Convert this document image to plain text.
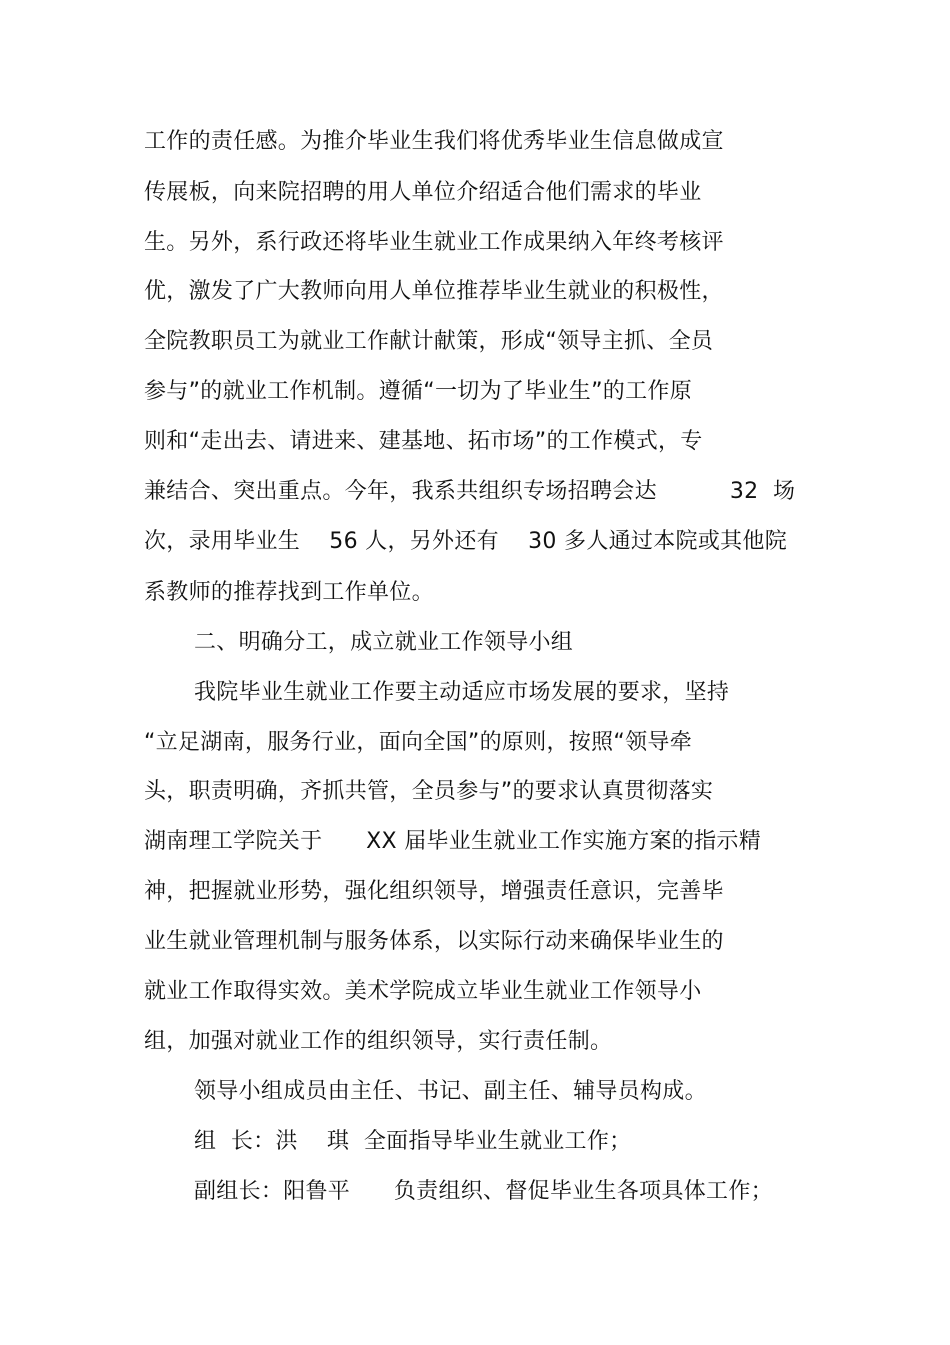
工作的责任感。为推介毕业生我们将优秀毕业生信息做成宣
传展板，向来院招聘的用人单位介绍适合他们需求的毕业
生。另外，系行政还将毕业生就业工作成果纳入年终考核评
优，激发了广大教师向用人单位推荐毕业生就业的积极性，
全院教职员工为就业工作献计献策，形成“领导主抓、全员
参与”的就业工作机制。遵循“一切为了毕业生”的工作原
则和“走出去、请进来、建基地、拓市场”的工作模式，专
兼结合、突出重点。今年，我系共组织专场招聘会达          32  场
次，录用毕业生    56 人，另外还有    30 多人通过本院或其他院
系教师的推荐找到工作单位。
二、明确分工，成立就业工作领导小组
我院毕业生就业工作要主动适应市场发展的要求，坚持
“立足湖南，服务行业，面向全国”的原则，按照“领导牵
头，职责明确，齐抓共管，全员参与”的要求认真贯彻落实
湖南理工学院关于      XX 届毕业生就业工作实施方案的指示精
神，把握就业形势，强化组织领导，增强责任意识，完善毕
业生就业管理机制与服务体系，以实际行动来确保毕业生的
就业工作取得实效。美术学院成立毕业生就业工作领导小
组，加强对就业工作的组织领导，实行责任制。
领导小组成员由主任、书记、副主任、辅导员构成。
组  长：洪    琪  全面指导毕业生就业工作；
副组长：阳鲁平      负责组织、督促毕业生各项具体工作；
